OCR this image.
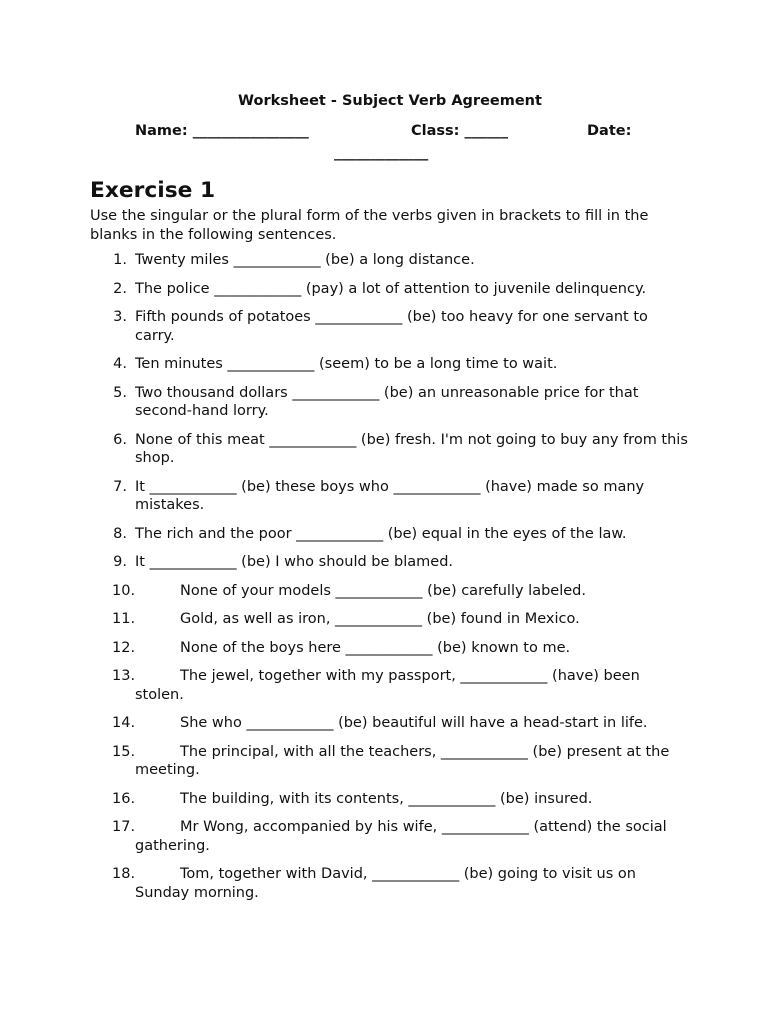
Worksheet - Subject Verb Agreement
Name: ________________	Class: ______	Date:
_____________
Exercise 1

Use the singular or the plural form of the verbs given in brackets to fill in the blanks in the following sentences.

1. Twenty miles ____________ (be) a long distance.
2. The police ____________ (pay) a lot of attention to juvenile delinquency.
3. Fifth pounds of potatoes ____________ (be) too heavy for one servant to carry.
4. Ten minutes ____________ (seem) to be a long time to wait.
5. Two thousand dollars ____________ (be) an unreasonable price for that second-hand lorry.
6. None of this meat ____________ (be) fresh. I'm not going to buy any from this shop.
7. It ____________ (be) these boys who ____________ (have) made so many mistakes.
8. The rich and the poor ____________ (be) equal in the eyes of the law.
9. It ____________ (be) I who should be blamed.
10.	None of your models ____________ (be) carefully labeled.
11.	Gold, as well as iron, ____________ (be) found in Mexico.
12.	None of the boys here ____________ (be) known to me.
13.	The jewel, together with my passport, ____________ (have) been stolen.
14.	She who ____________ (be) beautiful will have a head-start in life.
15.	The principal, with all the teachers, ____________ (be) present at the meeting.
16.	The building, with its contents, ____________ (be) insured.
17.	Mr Wong, accompanied by his wife, ____________ (attend) the social gathering.
18.	Tom, together with David, ____________ (be) going to visit us on Sunday morning.
